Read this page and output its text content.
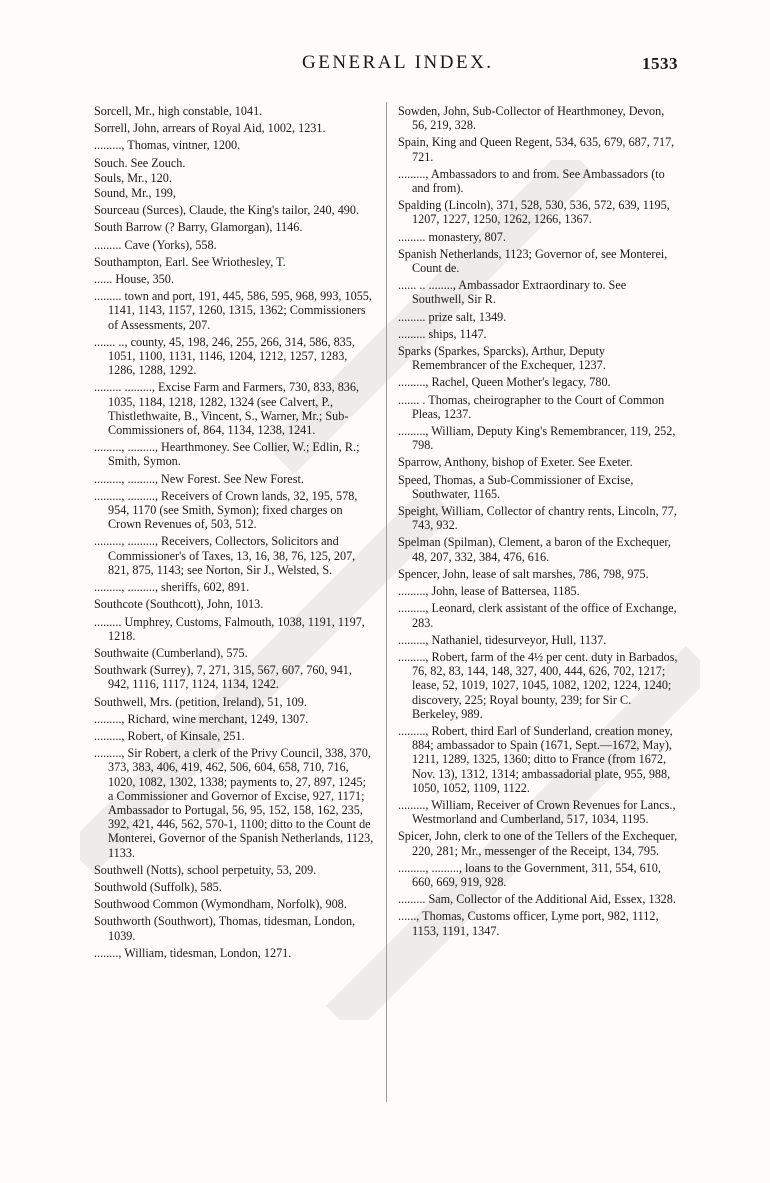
GENERAL INDEX.	1533

Sorcell, Mr., high constable, 1041.

Sorrell, John, arrears of Royal Aid, 1002, 1231.

........., Thomas, vintner, 1200.

Souch. See Zouch.

Souls, Mr., 120.

Sound, Mr., 199,

Sourceau (Surces), Claude, the King's tailor, 240, 490.

South Barrow (? Barry, Glamorgan), 1146.

......... Cave (Yorks), 558.

Southampton, Earl. See Wriothesley, T.

...... House, 350.

......... town and port, 191, 445, 586, 595, 968, 993, 1055, 1141, 1143, 1157, 1260, 1315, 1362; Commissioners of Assessments, 207.

....... .., county, 45, 198, 246, 255, 266, 314, 586, 835, 1051, 1100, 1131, 1146, 1204, 1212, 1257, 1283, 1286, 1288, 1292.

......... ........., Excise Farm and Farmers, 730, 833, 836, 1035, 1184, 1218, 1282, 1324 (see Calvert, P., Thistlethwaite, B., Vincent, S., Warner, Mr.; Sub-Commissioners of, 864, 1134, 1238, 1241.

........., ........., Hearthmoney. See Collier, W.; Edlin, R.; Smith, Symon.

........., ........., New Forest. See New Forest.

........., ........., Receivers of Crown lands, 32, 195, 578, 954, 1170 (see Smith, Symon); fixed charges on Crown Revenues of, 503, 512.

........., ........., Receivers, Collectors, Solicitors and Commissioner's of Taxes, 13, 16, 38, 76, 125, 207, 821, 875, 1143; see Norton, Sir J., Welsted, S.

........., ........., sheriffs, 602, 891.

Southcote (Southcott), John, 1013.

......... Umphrey, Customs, Falmouth, 1038, 1191, 1197, 1218.

Southwaite (Cumberland), 575.

Southwark (Surrey), 7, 271, 315, 567, 607, 760, 941, 942, 1116, 1117, 1124, 1134, 1242.

Southwell, Mrs. (petition, Ireland), 51, 109.

........., Richard, wine merchant, 1249, 1307.

........., Robert, of Kinsale, 251.

........., Sir Robert, a clerk of the Privy Council, 338, 370, 373, 383, 406, 419, 462, 506, 604, 658, 710, 716, 1020, 1082, 1302, 1338; payments to, 27, 897, 1245; a Commissioner and Governor of Excise, 927, 1171; Ambassador to Portugal, 56, 95, 152, 158, 162, 235, 392, 421, 446, 562, 570-1, 1100; ditto to the Count de Monterei, Governor of the Spanish Netherlands, 1123, 1133.

Southwell (Notts), school perpetuity, 53, 209.

Southwold (Suffolk), 585.

Southwood Common (Wymondham, Norfolk), 908.

Southworth (Southwort), Thomas, tidesman, London, 1039.

........, William, tidesman, London, 1271.

Sowden, John, Sub-Collector of Hearthmoney, Devon, 56, 219, 328.

Spain, King and Queen Regent, 534, 635, 679, 687, 717, 721.

........., Ambassadors to and from. See Ambassadors (to and from).

Spalding (Lincoln), 371, 528, 530, 536, 572, 639, 1195, 1207, 1227, 1250, 1262, 1266, 1367.

......... monastery, 807.

Spanish Netherlands, 1123; Governor of, see Monterei, Count de.

...... .. ........, Ambassador Extraordinary to. See Southwell, Sir R.

......... prize salt, 1349.

......... ships, 1147.

Sparks (Sparkes, Sparcks), Arthur, Deputy Remembrancer of the Exchequer, 1237.

........., Rachel, Queen Mother's legacy, 780.

....... . Thomas, cheirographer to the Court of Common Pleas, 1237.

........., William, Deputy King's Remembrancer, 119, 252, 798.

Sparrow, Anthony, bishop of Exeter. See Exeter.

Speed, Thomas, a Sub-Commissioner of Excise, Southwater, 1165.

Speight, William, Collector of chantry rents, Lincoln, 77, 743, 932.

Spelman (Spilman), Clement, a baron of the Exchequer, 48, 207, 332, 384, 476, 616.

Spencer, John, lease of salt marshes, 786, 798, 975.

........., John, lease of Battersea, 1185.

........., Leonard, clerk assistant of the office of Exchange, 283.

........., Nathaniel, tidesurveyor, Hull, 1137.

........., Robert, farm of the 4½ per cent. duty in Barbados, 76, 82, 83, 144, 148, 327, 400, 444, 626, 702, 1217; lease, 52, 1019, 1027, 1045, 1082, 1202, 1224, 1240; discovery, 225; Royal bounty, 239; for Sir C. Berkeley, 989.

........., Robert, third Earl of Sunderland, creation money, 884; ambassador to Spain (1671, Sept.—1672, May), 1211, 1289, 1325, 1360; ditto to France (from 1672, Nov. 13), 1312, 1314; ambassadorial plate, 955, 988, 1050, 1052, 1109, 1122.

........., William, Receiver of Crown Revenues for Lancs., Westmorland and Cumberland, 517, 1034, 1195.

Spicer, John, clerk to one of the Tellers of the Exchequer, 220, 281; Mr., messenger of the Receipt, 134, 795.

........., ........., loans to the Government, 311, 554, 610, 660, 669, 919, 928.

......... Sam, Collector of the Additional Aid, Essex, 1328.

......, Thomas, Customs officer, Lyme port, 982, 1112, 1153, 1191, 1347.
